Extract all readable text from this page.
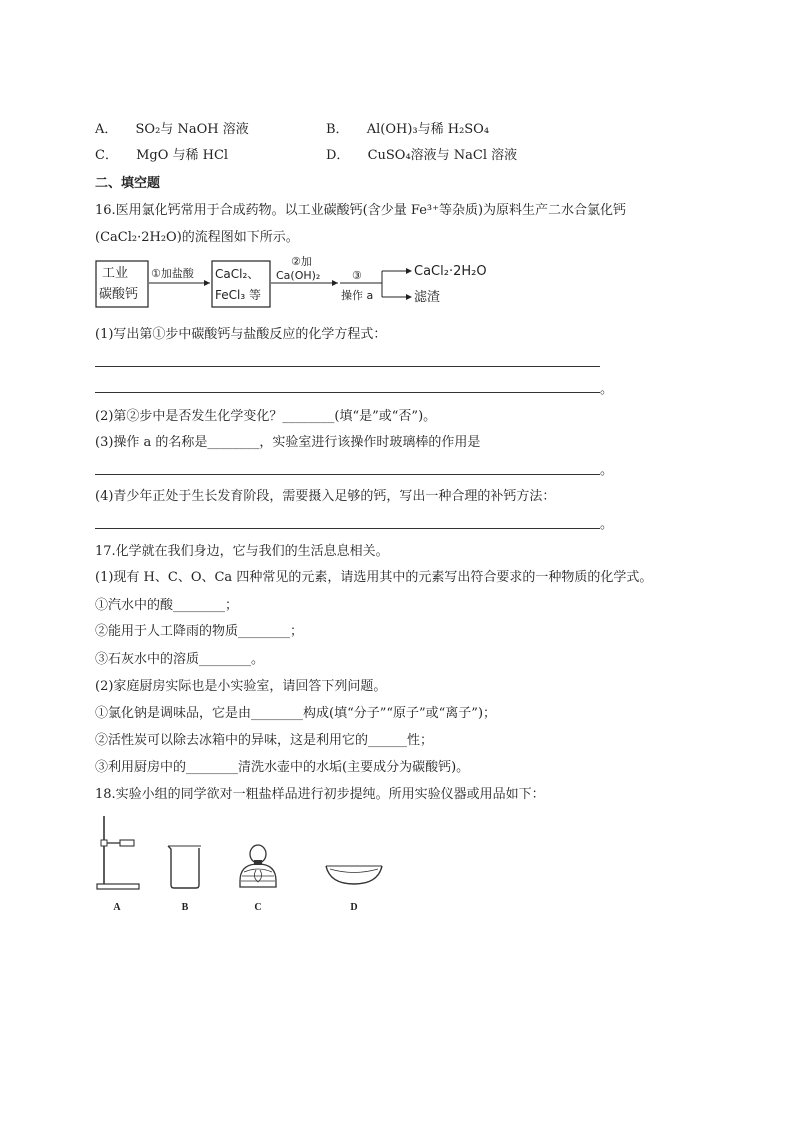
A． SO₂与 NaOH 溶液	B． Al(OH)₃与稀 H₂SO₄
C． MgO 与稀 HCl	D． CuSO₄溶液与 NaCl 溶液
二、填空题
16.医用氯化钙常用于合成药物。以工业碳酸钙(含少量 Fe³⁺等杂质)为原料生产二水合氯化钙
(CaCl₂·2H₂O)的流程图如下所示。
工业
碳酸钙
①加盐酸 CaCl₂、
FeCl₃ 等
②加
Ca(OH)₂	③
操作 a
CaCl₂·2H₂O
滤渣
(1)写出第①步中碳酸钙与盐酸反应的化学方程式：
。
(2)第②步中是否发生化学变化？________(填“是”或“否”)。
(3)操作 a 的名称是________，实验室进行该操作时玻璃棒的作用是
。
(4)青少年正处于生长发育阶段，需要摄入足够的钙，写出一种合理的补钙方法：
。
17.化学就在我们身边，它与我们的生活息息相关。
(1)现有 H、C、O、Ca 四种常见的元素，请选用其中的元素写出符合要求的一种物质的化学式。
①汽水中的酸________；
②能用于人工降雨的物质________；
③石灰水中的溶质________。
(2)家庭厨房实际也是小实验室，请回答下列问题。
①氯化钠是调味品，它是由________构成(填“分子”“原子”或“离子”)；
②活性炭可以除去冰箱中的异味，这是利用它的______性；
③利用厨房中的________清洗水壶中的水垢(主要成分为碳酸钙)。
18.实验小组的同学欲对一粗盐样品进行初步提纯。所用实验仪器或用品如下：
A	B	C	D
